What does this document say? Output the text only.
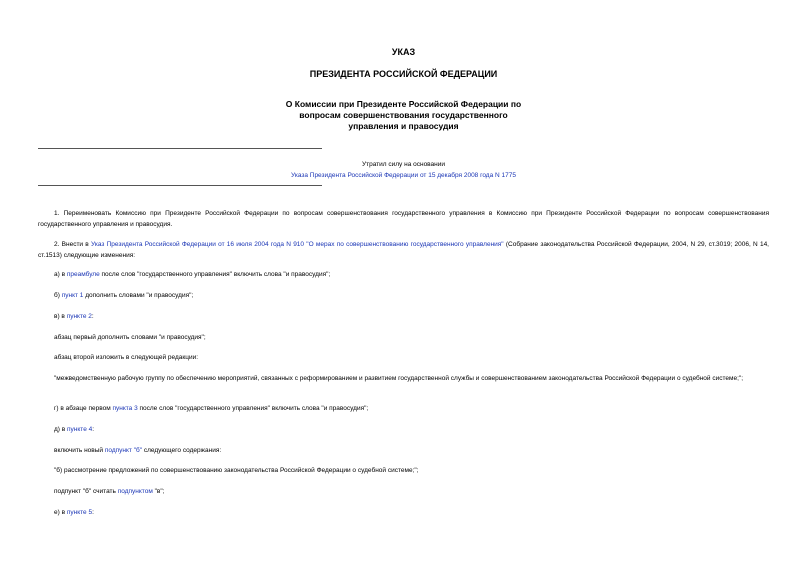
УКАЗ
ПРЕЗИДЕНТА РОССИЙСКОЙ ФЕДЕРАЦИИ
О Комиссии при Президенте Российской Федерации по
вопросам совершенствования государственного
управления и правосудия
Утратил силу на основании
Указа Президента Российской Федерации от 15 декабря 2008 года N 1775
1. Переименовать Комиссию при Президенте Российской Федерации по вопросам совершенствования государственного управления в Комиссию при Президенте Российской Федерации по вопросам совершенствования государственного управления и правосудия.
2. Внести в Указ Президента Российской Федерации от 16 июля 2004 года N 910 "О мерах по совершенствованию государственного управления" (Собрание законодательства Российской Федерации, 2004, N 29, ст.3019; 2006, N 14, ст.1513) следующие изменения:
а) в преамбуле после слов "государственного управления" включить слова "и правосудия";
б) пункт 1 дополнить словами "и правосудия";
в) в пункте 2:
абзац первый дополнить словами "и правосудия";
абзац второй изложить в следующей редакции:
"межведомственную рабочую группу по обеспечению мероприятий, связанных с реформированием и развитием государственной службы и совершенствованием законодательства Российской Федерации о судебной системе;";
г) в абзаце первом пункта 3 после слов "государственного управления" включить слова "и правосудия";
д) в пункте 4:
включить новый подпункт "б" следующего содержания:
"б) рассмотрение предложений по совершенствованию законодательства Российской Федерации о судебной системе;";
подпункт "б" считать подпунктом "в";
е) в пункте 5:
